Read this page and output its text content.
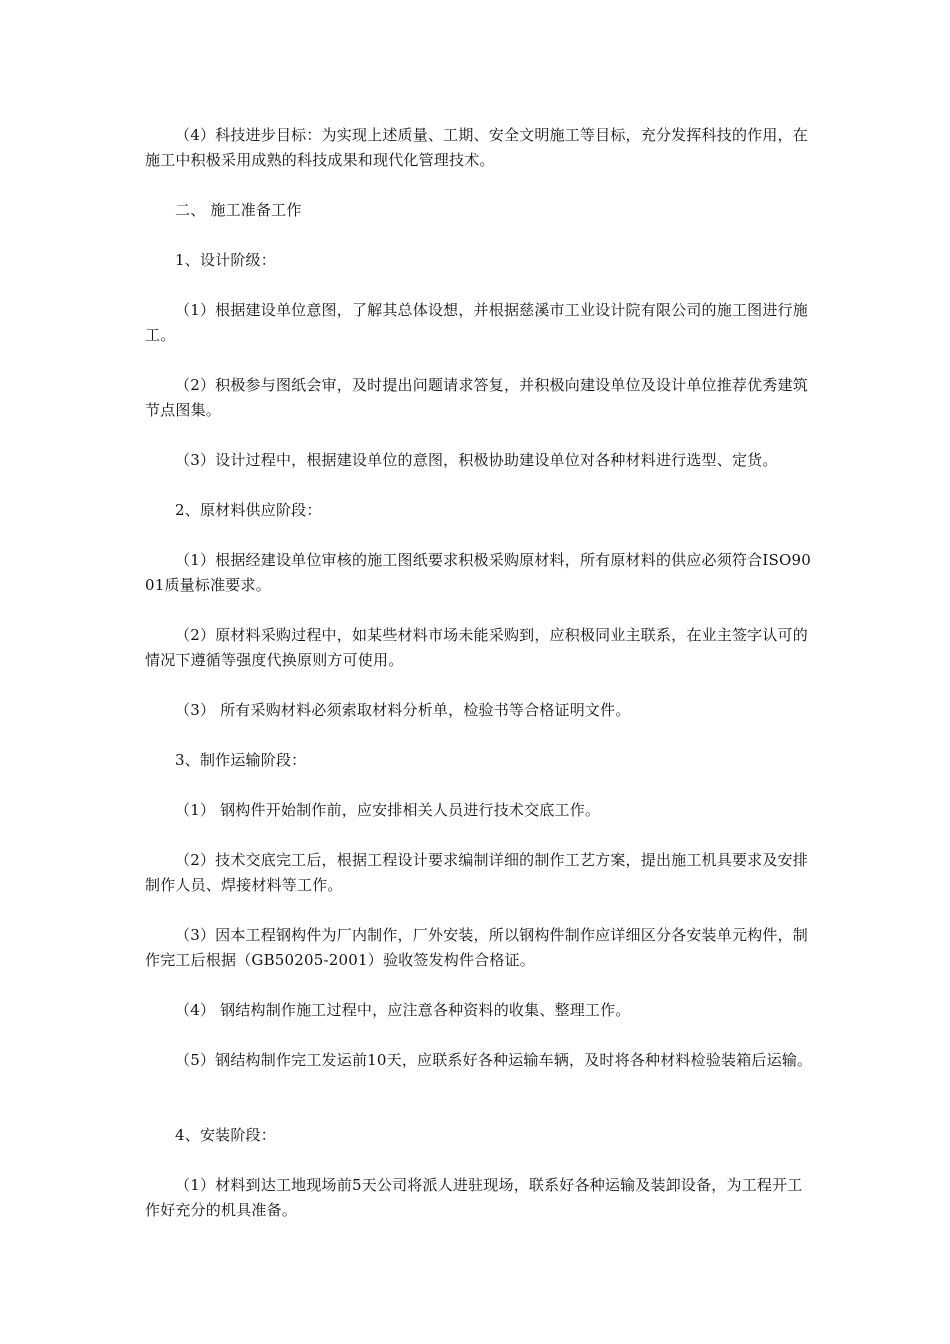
（4）科技进步目标：为实现上述质量、工期、安全文明施工等目标，充分发挥科技的作用，在施工中积极采用成熟的科技成果和现代化管理技术。

二、 施工准备工作

1、设计阶级：

（1）根据建设单位意图，了解其总体设想，并根据慈溪市工业设计院有限公司的施工图进行施工。

（2）积极参与图纸会审，及时提出问题请求答复，并积极向建设单位及设计单位推荐优秀建筑节点图集。

（3）设计过程中，根据建设单位的意图，积极协助建设单位对各种材料进行选型、定货。

2、原材料供应阶段：

（1）根据经建设单位审核的施工图纸要求积极采购原材料，所有原材料的供应必须符合ISO9001质量标准要求。

（2）原材料采购过程中，如某些材料市场未能采购到，应积极同业主联系，在业主签字认可的情况下遵循等强度代换原则方可使用。

（3） 所有采购材料必须索取材料分析单，检验书等合格证明文件。

3、制作运输阶段：

（1） 钢构件开始制作前，应安排相关人员进行技术交底工作。

（2）技术交底完工后，根据工程设计要求编制详细的制作工艺方案，提出施工机具要求及安排制作人员、焊接材料等工作。

（3）因本工程钢构件为厂内制作，厂外安装，所以钢构件制作应详细区分各安装单元构件，制作完工后根据（GB50205-2001）验收签发构件合格证。

（4） 钢结构制作施工过程中，应注意各种资料的收集、整理工作。

（5）钢结构制作完工发运前10天，应联系好各种运输车辆，及时将各种材料检验装箱后运输。

4、安装阶段：

（1）材料到达工地现场前5天公司将派人进驻现场，联系好各种运输及装卸设备，为工程开工作好充分的机具准备。
